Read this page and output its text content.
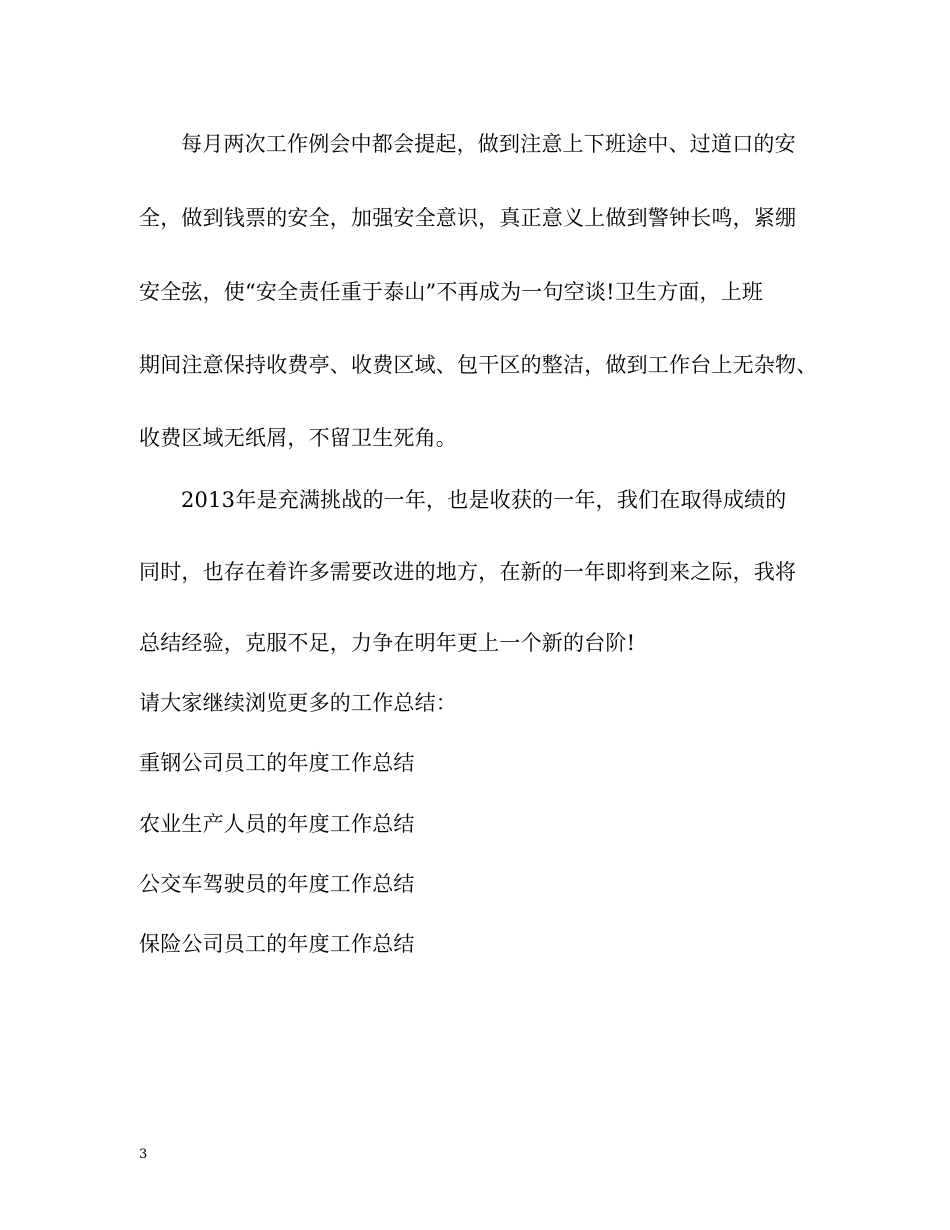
每月两次工作例会中都会提起，做到注意上下班途中、过道口的安
全，做到钱票的安全，加强安全意识，真正意义上做到警钟长鸣，紧绷
安全弦，使“安全责任重于泰山”不再成为一句空谈!卫生方面，上班
期间注意保持收费亭、收费区域、包干区的整洁，做到工作台上无杂物、
收费区域无纸屑，不留卫生死角。
2013年是充满挑战的一年，也是收获的一年，我们在取得成绩的
同时，也存在着许多需要改进的地方，在新的一年即将到来之际，我将
总结经验，克服不足，力争在明年更上一个新的台阶!
请大家继续浏览更多的工作总结：
重钢公司员工的年度工作总结
农业生产人员的年度工作总结
公交车驾驶员的年度工作总结
保险公司员工的年度工作总结
3
